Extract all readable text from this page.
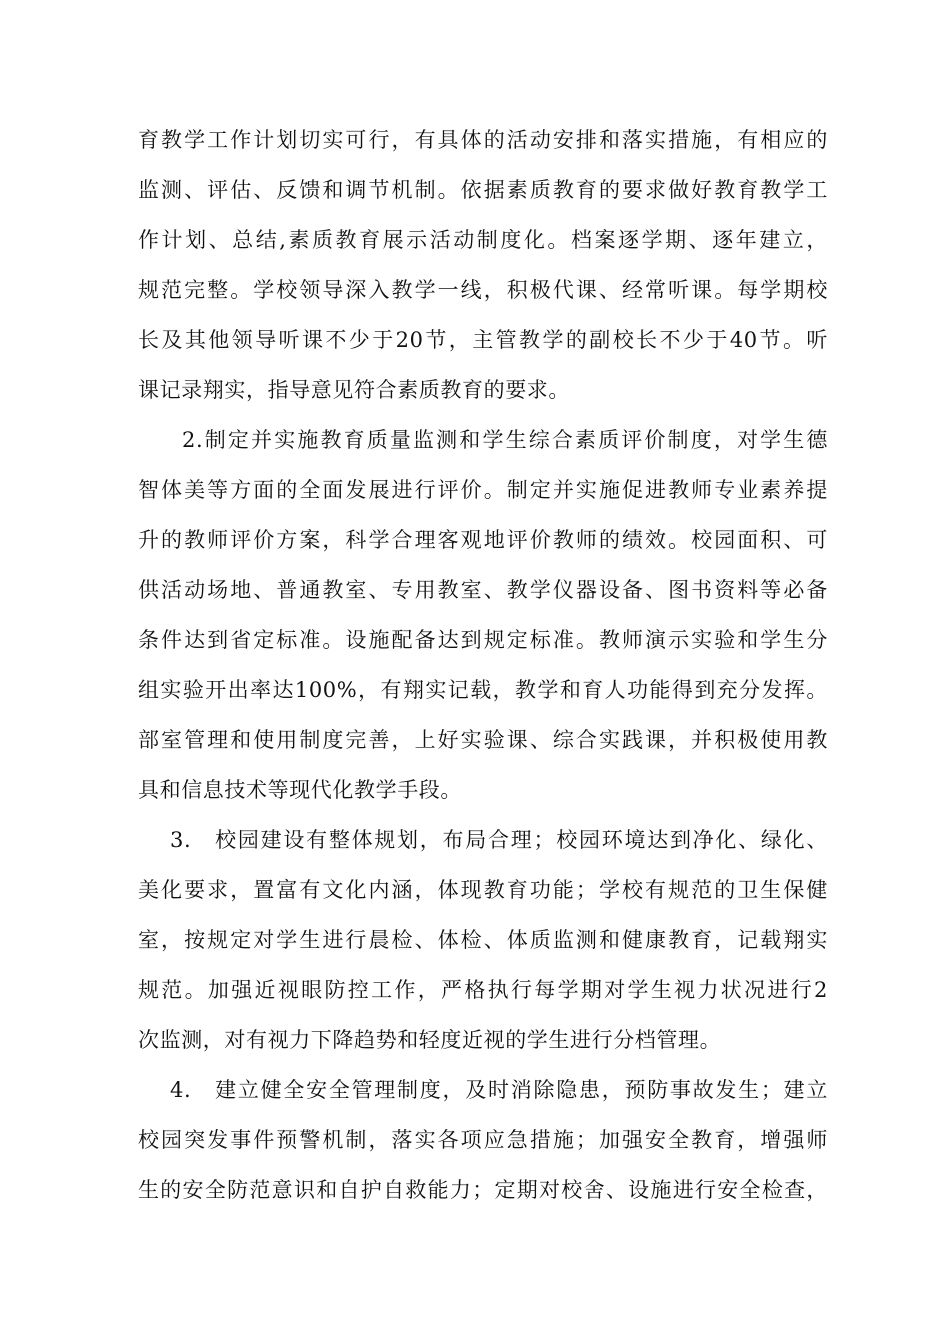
育教学工作计划切实可行，有具体的活动安排和落实措施，有相应的
监测、评估、反馈和调节机制。依据素质教育的要求做好教育教学工
作计划、总结,素质教育展示活动制度化。档案逐学期、逐年建立，
规范完整。学校领导深入教学一线，积极代课、经常听课。每学期校
长及其他领导听课不少于20节，主管教学的副校长不少于40节。听
课记录翔实，指导意见符合素质教育的要求。
2.制定并实施教育质量监测和学生综合素质评价制度，对学生德
智体美等方面的全面发展进行评价。制定并实施促进教师专业素养提
升的教师评价方案，科学合理客观地评价教师的绩效。校园面积、可
供活动场地、普通教室、专用教室、教学仪器设备、图书资料等必备
条件达到省定标准。设施配备达到规定标准。教师演示实验和学生分
组实验开出率达100%，有翔实记载，教学和育人功能得到充分发挥。
部室管理和使用制度完善，上好实验课、综合实践课，并积极使用教
具和信息技术等现代化教学手段。
3.　校园建设有整体规划，布局合理；校园环境达到净化、绿化、
美化要求，置富有文化内涵，体现教育功能；学校有规范的卫生保健
室，按规定对学生进行晨检、体检、体质监测和健康教育，记载翔实
规范。加强近视眼防控工作，严格执行每学期对学生视力状况进行2
次监测，对有视力下降趋势和轻度近视的学生进行分档管理。
4.　建立健全安全管理制度，及时消除隐患，预防事故发生；建立
校园突发事件预警机制，落实各项应急措施；加强安全教育，增强师
生的安全防范意识和自护自救能力；定期对校舍、设施进行安全检查，
